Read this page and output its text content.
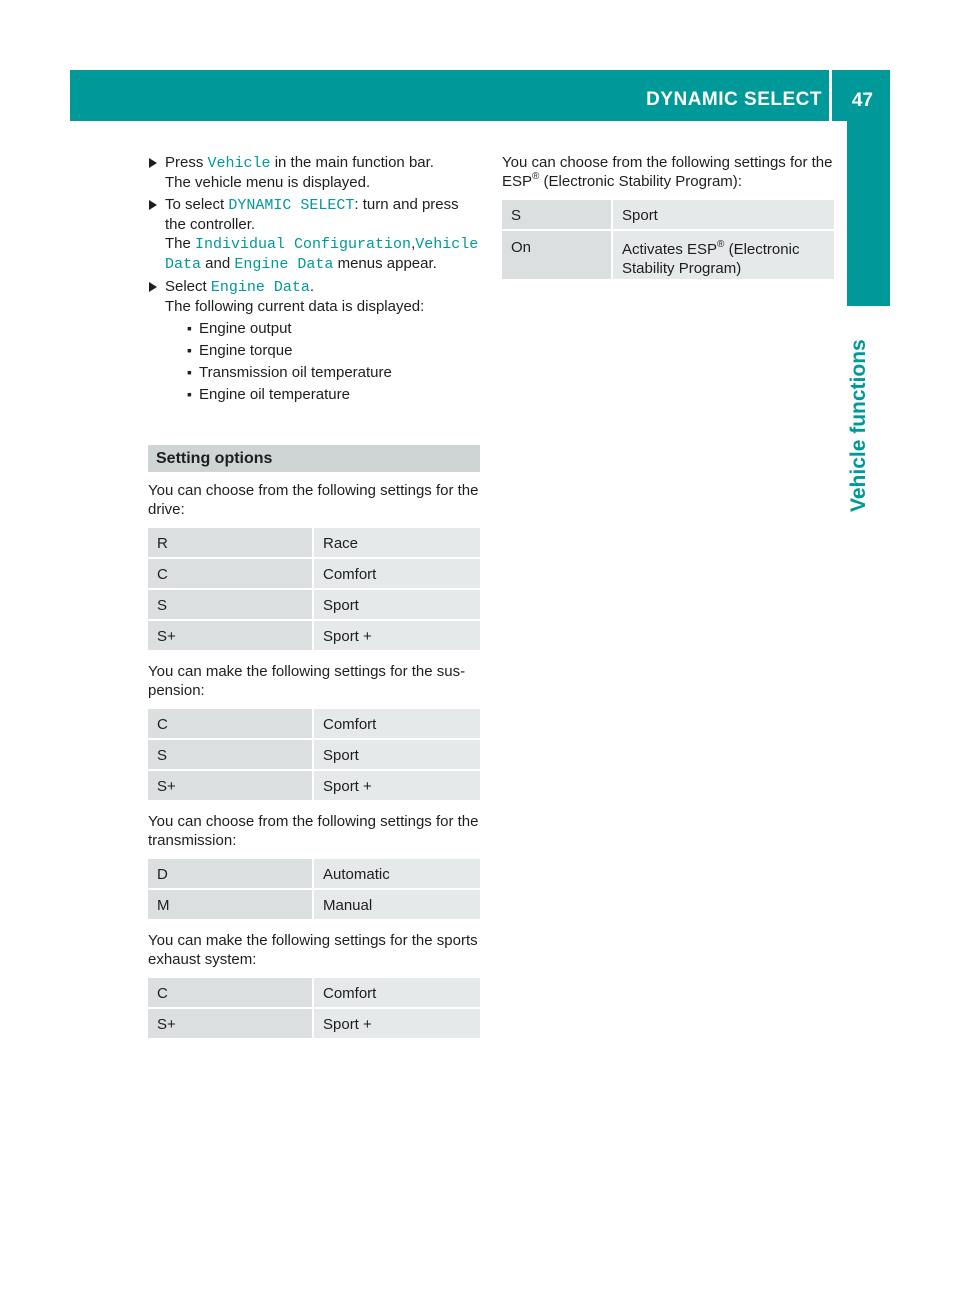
DYNAMIC SELECT 47
Vehicle functions
Press Vehicle in the main function bar.
The vehicle menu is displayed.
To select DYNAMIC SELECT: turn and press the controller.
The Individual Configuration,Vehicle Data and Engine Data menus appear.
Select Engine Data.
The following current data is displayed:
▪ Engine output
▪ Engine torque
▪ Transmission oil temperature
▪ Engine oil temperature
Setting options

You can choose from the following settings for the drive:

R	Race
C	Comfort
S	Sport
S+	Sport +

You can make the following settings for the sus-pension:

C	Comfort
S	Sport
S+	Sport +

You can choose from the following settings for the transmission:

D	Automatic
M	Manual

You can make the following settings for the sports exhaust system:

C	Comfort
S+	Sport +

You can choose from the following settings for the ESP® (Electronic Stability Program):

S	Sport
On	Activates ESP® (Electronic Stability Program)
